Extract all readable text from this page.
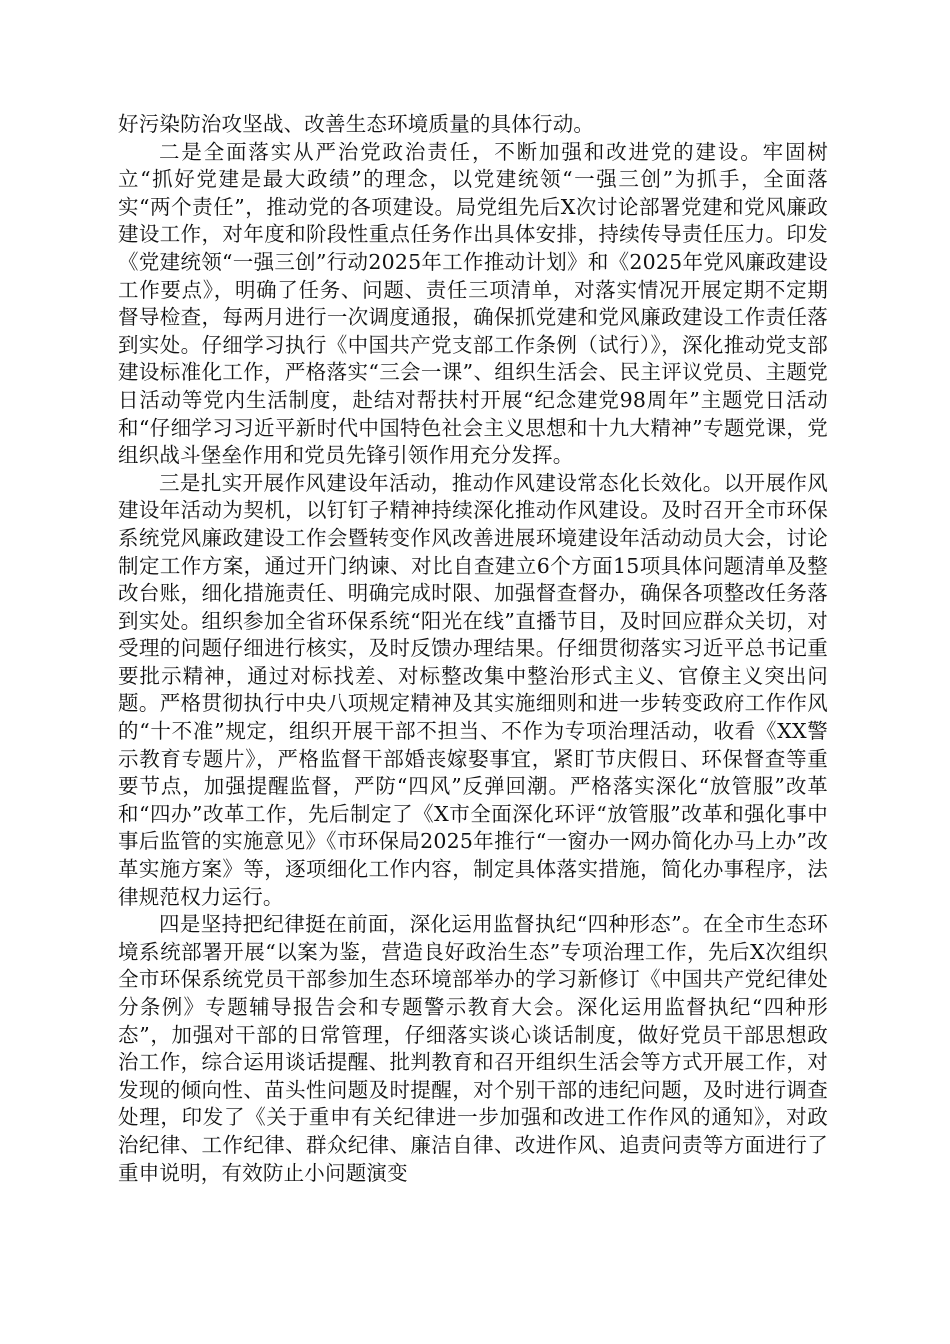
好污染防治攻坚战、改善生态环境质量的具体行动。

二是全面落实从严治党政治责任，不断加强和改进党的建设。牢固树立“抓好党建是最大政绩”的理念，以党建统领“一强三创”为抓手，全面落实“两个责任”，推动党的各项建设。局党组先后X次讨论部署党建和党风廉政建设工作，对年度和阶段性重点任务作出具体安排，持续传导责任压力。印发《党建统领“一强三创”行动2025年工作推动计划》和《2025年党风廉政建设工作要点》，明确了任务、问题、责任三项清单，对落实情况开展定期不定期督导检查，每两月进行一次调度通报，确保抓党建和党风廉政建设工作责任落到实处。仔细学习执行《中国共产党支部工作条例（试行）》，深化推动党支部建设标准化工作，严格落实“三会一课”、组织生活会、民主评议党员、主题党日活动等党内生活制度，赴结对帮扶村开展“纪念建党98周年”主题党日活动和“仔细学习习近平新时代中国特色社会主义思想和十九大精神”专题党课，党组织战斗堡垒作用和党员先锋引领作用充分发挥。

三是扎实开展作风建设年活动，推动作风建设常态化长效化。以开展作风建设年活动为契机，以钉钉子精神持续深化推动作风建设。及时召开全市环保系统党风廉政建设工作会暨转变作风改善进展环境建设年活动动员大会，讨论制定工作方案，通过开门纳谏、对比自查建立6个方面15项具体问题清单及整改台账，细化措施责任、明确完成时限、加强督查督办，确保各项整改任务落到实处。组织参加全省环保系统“阳光在线”直播节目，及时回应群众关切，对受理的问题仔细进行核实，及时反馈办理结果。仔细贯彻落实习近平总书记重要批示精神，通过对标找差、对标整改集中整治形式主义、官僚主义突出问题。严格贯彻执行中央八项规定精神及其实施细则和进一步转变政府工作作风的“十不准”规定，组织开展干部不担当、不作为专项治理活动，收看《XX警示教育专题片》，严格监督干部婚丧嫁娶事宜，紧盯节庆假日、环保督查等重要节点，加强提醒监督，严防“四风”反弹回潮。严格落实深化“放管服”改革和“四办”改革工作，先后制定了《X市全面深化环评“放管服”改革和强化事中事后监管的实施意见》《市环保局2025年推行“一窗办一网办简化办马上办”改革实施方案》等，逐项细化工作内容，制定具体落实措施，简化办事程序，法律规范权力运行。

四是坚持把纪律挺在前面，深化运用监督执纪“四种形态”。在全市生态环境系统部署开展“以案为鉴，营造良好政治生态”专项治理工作，先后X次组织全市环保系统党员干部参加生态环境部举办的学习新修订《中国共产党纪律处分条例》专题辅导报告会和专题警示教育大会。深化运用监督执纪“四种形态”，加强对干部的日常管理，仔细落实谈心谈话制度，做好党员干部思想政治工作，综合运用谈话提醒、批判教育和召开组织生活会等方式开展工作，对发现的倾向性、苗头性问题及时提醒，对个别干部的违纪问题，及时进行调查处理，印发了《关于重申有关纪律进一步加强和改进工作作风的通知》，对政治纪律、工作纪律、群众纪律、廉洁自律、改进作风、追责问责等方面进行了重申说明，有效防止小问题演变
